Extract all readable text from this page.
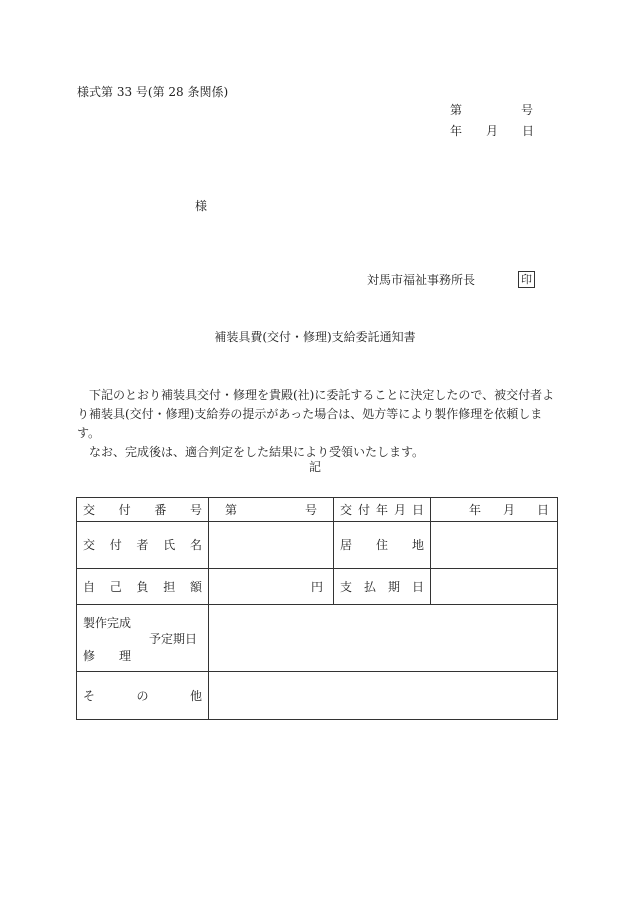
様式第 33 号(第 28 条関係)
第	号
年 月 日
様
対馬市福祉事務所長	印
補装具費(交付・修理)支給委託通知書

下記のとおり補装具交付・修理を貴殿(社)に委託することに決定したので、被交付者より補装具(交付・修理)支給券の提示があった場合は、処方等により製作修理を依頼します。

なお、完成後は、適合判定をした結果により受領いたします。

記
交 付 番 号	第 号	交 付 年 月 日	年 月 日

交 付 者 氏 名		居 住 地	

自 己 負 担 額	円	支 払 期 日	

製作完成
予定期日
修 理			

そ の 他			
